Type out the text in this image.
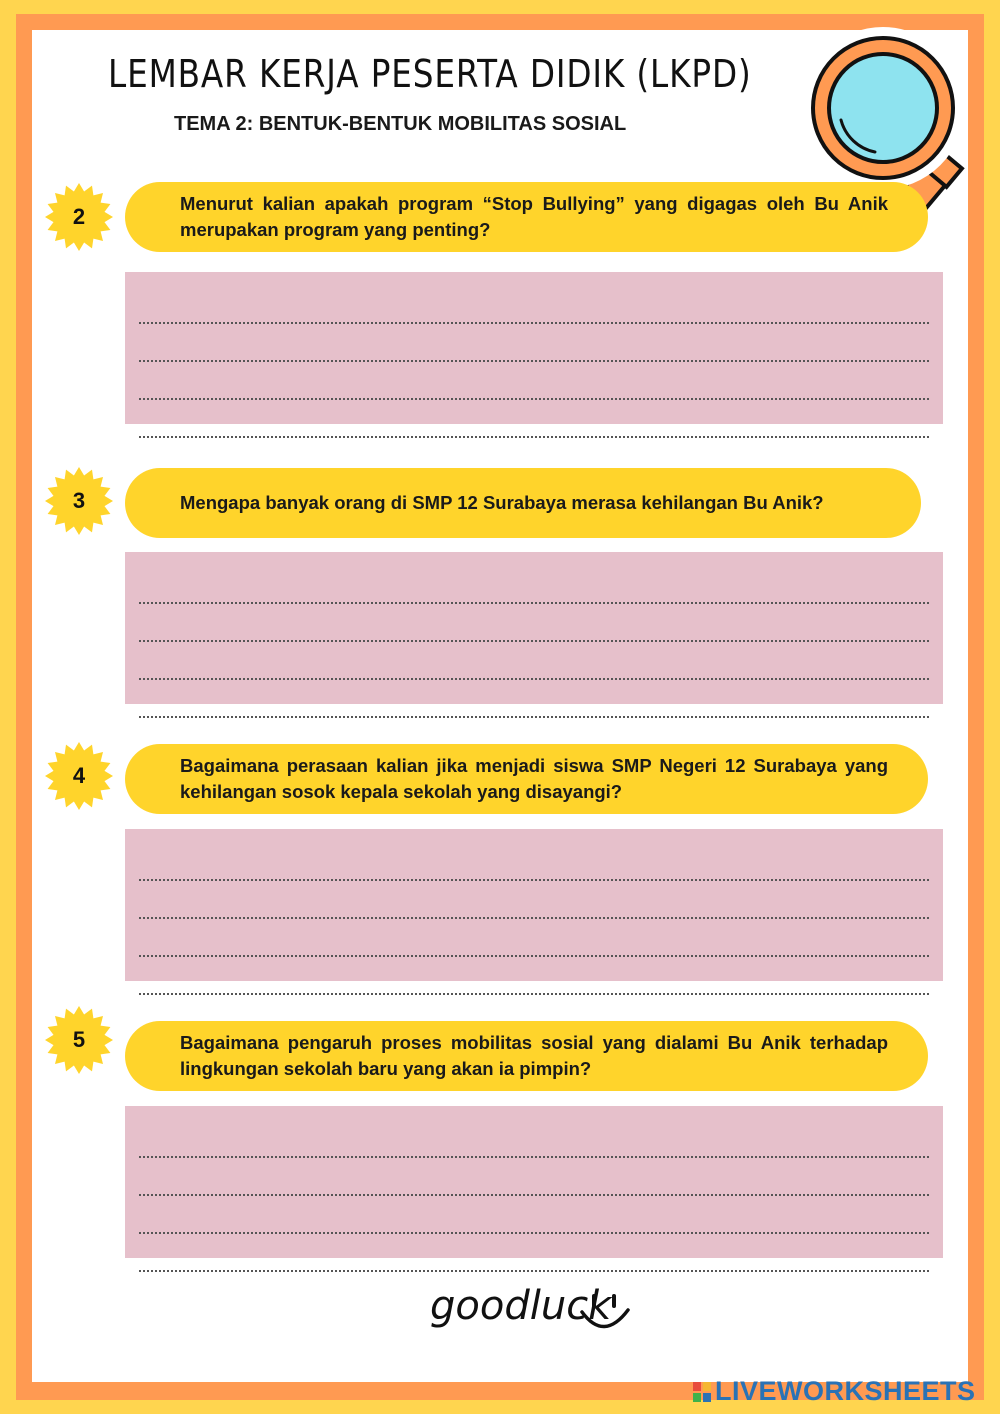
LEMBAR KERJA PESERTA DIDIK (LKPD)
TEMA 2: BENTUK-BENTUK MOBILITAS SOSIAL
2

Menurut kalian apakah program “Stop Bullying” yang digagas oleh Bu Anik merupakan program yang penting?

3	Mengapa banyak orang di SMP 12 Surabaya merasa kehilangan Bu Anik?

4	Bagaimana perasaan kalian jika menjadi siswa SMP Negeri 12 Surabaya yang kehilangan sosok kepala sekolah yang disayangi?

5	Bagaimana pengaruh proses mobilitas sosial yang dialami Bu Anik terhadap lingkungan sekolah baru yang akan ia pimpin?

goodluck
LIVEWORKSHEETS
